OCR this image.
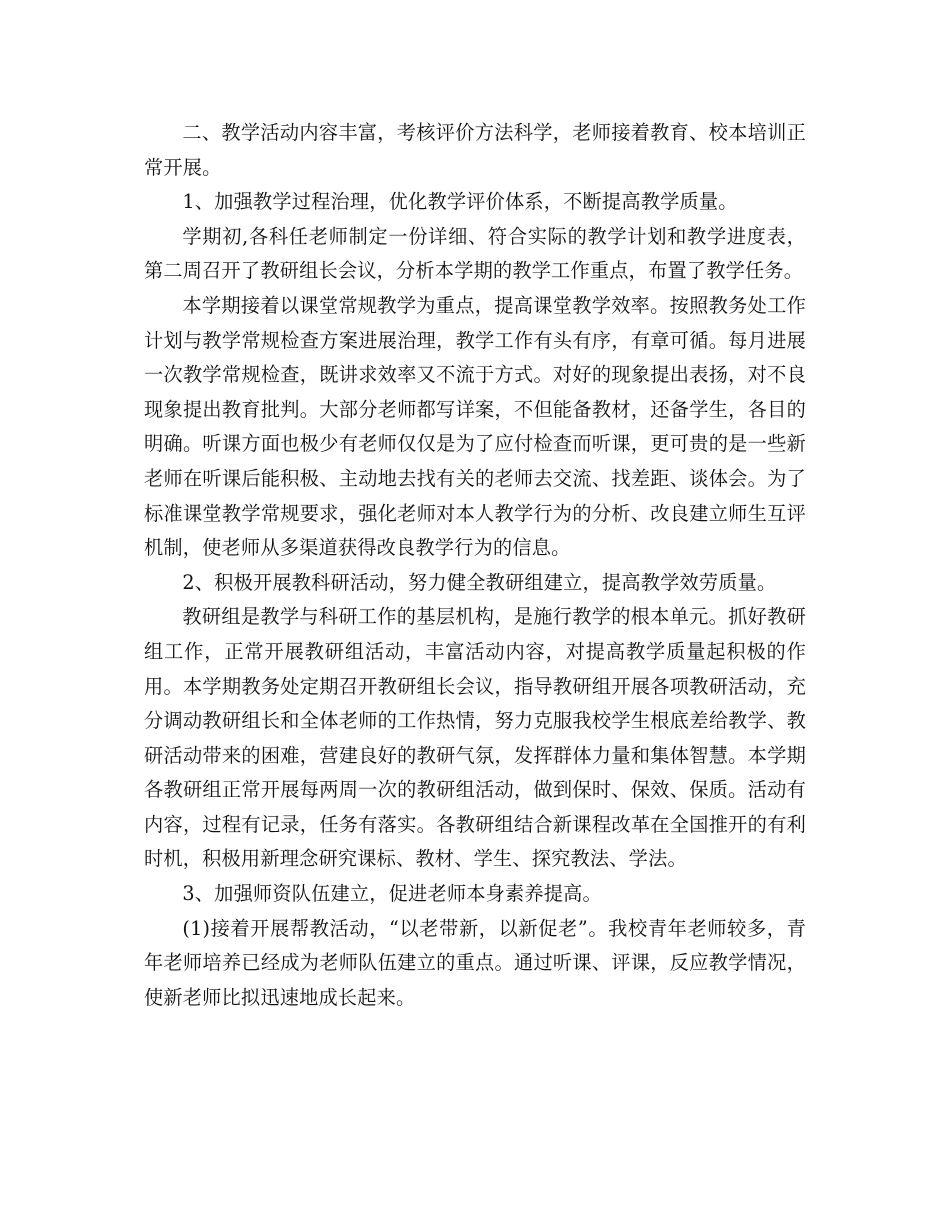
二、教学活动内容丰富，考核评价方法科学，老师接着教育、校本培训正常开展。

1、加强教学过程治理，优化教学评价体系，不断提高教学质量。

学期初,各科任老师制定一份详细、符合实际的教学计划和教学进度表，第二周召开了教研组长会议，分析本学期的教学工作重点，布置了教学任务。

本学期接着以课堂常规教学为重点，提高课堂教学效率。按照教务处工作计划与教学常规检查方案进展治理，教学工作有头有序，有章可循。每月进展一次教学常规检查，既讲求效率又不流于方式。对好的现象提出表扬，对不良现象提出教育批判。大部分老师都写详案，不但能备教材，还备学生，各目的明确。听课方面也极少有老师仅仅是为了应付检查而听课，更可贵的是一些新老师在听课后能积极、主动地去找有关的老师去交流、找差距、谈体会。为了标准课堂教学常规要求，强化老师对本人教学行为的分析、改良建立师生互评机制，使老师从多渠道获得改良教学行为的信息。

2、积极开展教科研活动，努力健全教研组建立，提高教学效劳质量。

教研组是教学与科研工作的基层机构，是施行教学的根本单元。抓好教研组工作，正常开展教研组活动，丰富活动内容，对提高教学质量起积极的作用。本学期教务处定期召开教研组长会议，指导教研组开展各项教研活动，充分调动教研组长和全体老师的工作热情，努力克服我校学生根底差给教学、教研活动带来的困难，营建良好的教研气氛，发挥群体力量和集体智慧。本学期各教研组正常开展每两周一次的教研组活动，做到保时、保效、保质。活动有内容，过程有记录，任务有落实。各教研组结合新课程改革在全国推开的有利时机，积极用新理念研究课标、教材、学生、探究教法、学法。

3、加强师资队伍建立，促进老师本身素养提高。

(1)接着开展帮教活动，“以老带新，以新促老”。我校青年老师较多，青年老师培养已经成为老师队伍建立的重点。通过听课、评课，反应教学情况，使新老师比拟迅速地成长起来。
